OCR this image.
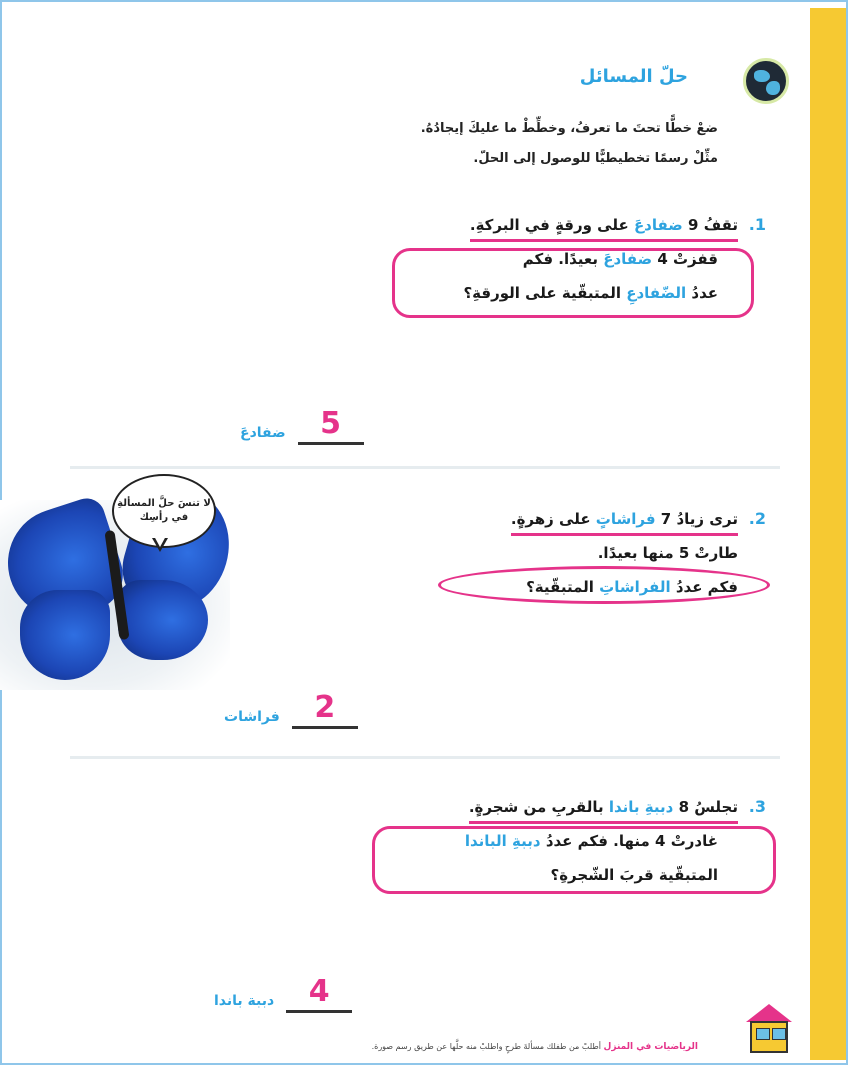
حلّ المسائل
ضعْ خطًّا تحتَ ما تعرفُ، وخطِّطْ ما عليكَ إيجادُهُ.
مثِّلْ رسمًا تخطيطيًّا للوصول إلى الحلّ.
1.
تقفُ 9 ضفادعَ على ورقةٍ في البركةِ.
قفزتْ 4 ضفادعَ بعيدًا. فكم
عددُ الضّفادعِ المتبقّية على الورقةِ؟
ضفادعَ	5
2.
ترى زيادُ 7 فراشاتٍ على زهرةٍ.
طارتْ 5 منها بعيدًا.
فكم عددُ الفراشاتِ المتبقّية؟
فراشات	2
3.
تجلسُ 8 دببةِ باندا بالقربِ من شجرةٍ.
غادرتْ 4 منها. فكم عددُ دببةِ الباندا
المتبقّية قربَ الشّجرةِ؟
دببة باندا	4
الرياضيات في المنزل أطلبْ من طفلك مسألةَ طرحٍ واطلبْ منه حلَّها عن طريق رسم صورة.
لا تنسَ حلَّ المسألةِ في رأسِك
